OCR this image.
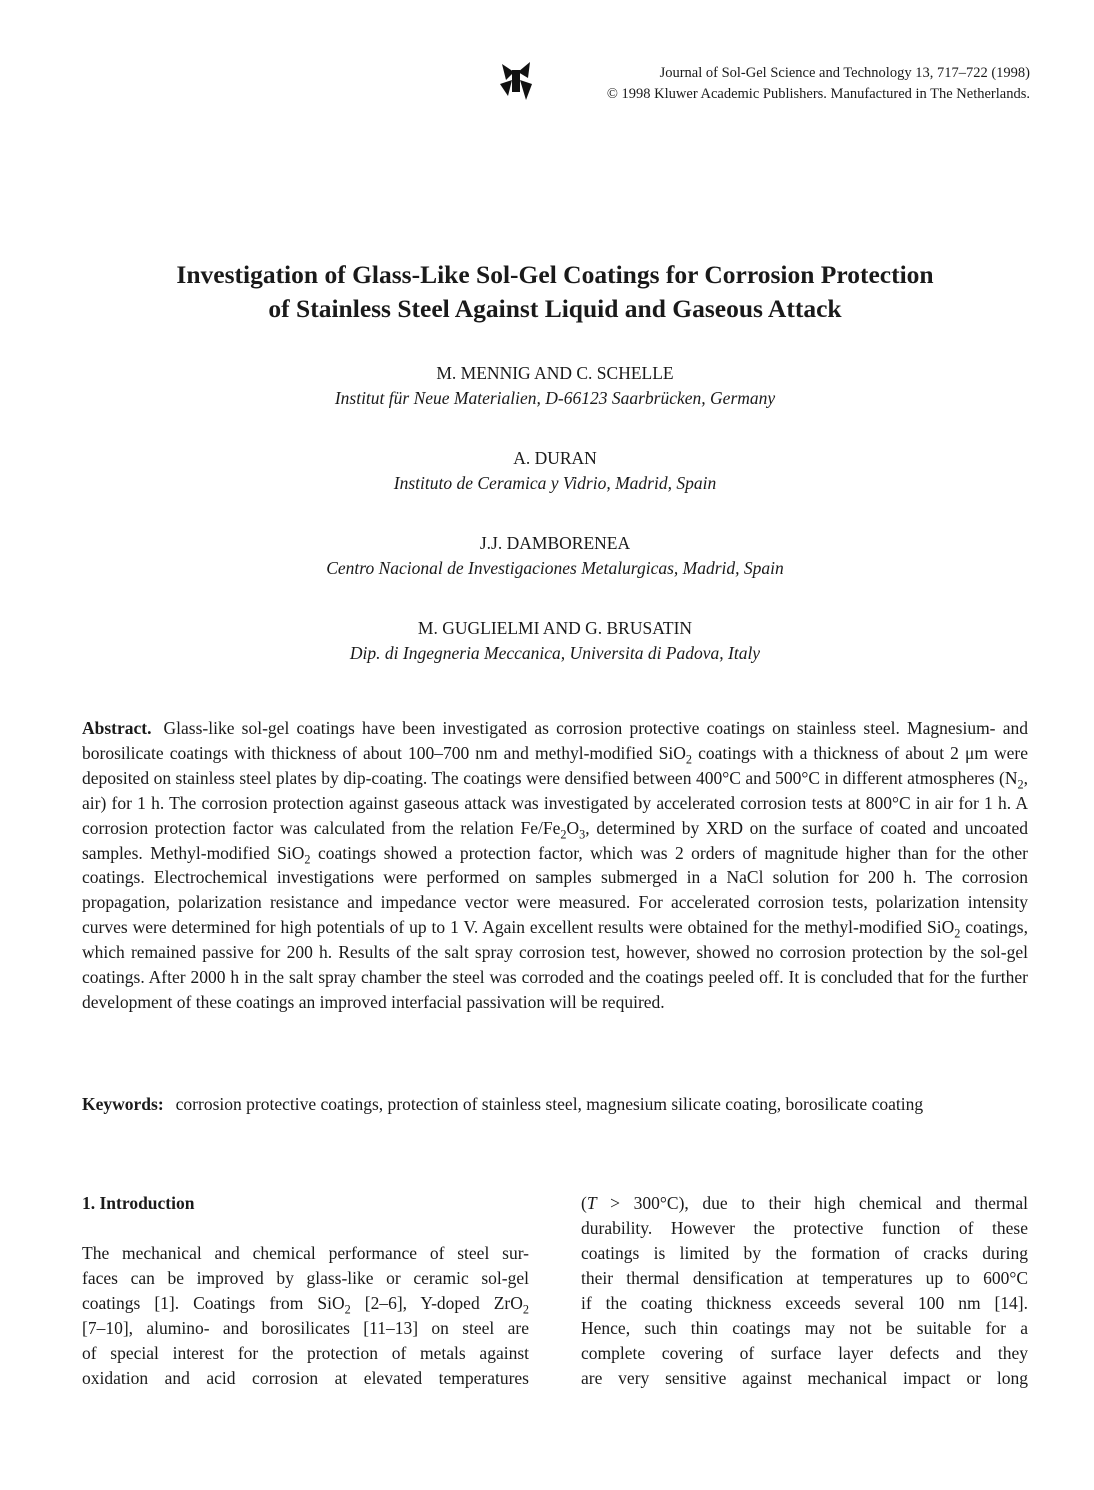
Journal of Sol-Gel Science and Technology 13, 717–722 (1998)
© 1998 Kluwer Academic Publishers. Manufactured in The Netherlands.
Investigation of Glass-Like Sol-Gel Coatings for Corrosion Protection
of Stainless Steel Against Liquid and Gaseous Attack
M. MENNIG AND C. SCHELLE
Institut für Neue Materialien, D-66123 Saarbrücken, Germany
A. DURAN
Instituto de Ceramica y Vidrio, Madrid, Spain
J.J. DAMBORENEA
Centro Nacional de Investigaciones Metalurgicas, Madrid, Spain
M. GUGLIELMI AND G. BRUSATIN
Dip. di Ingegneria Meccanica, Universita di Padova, Italy
Abstract. Glass-like sol-gel coatings have been investigated as corrosion protective coatings on stainless steel. Magnesium- and borosilicate coatings with thickness of about 100–700 nm and methyl-modified SiO$_2$ coatings with a thickness of about 2 μm were deposited on stainless steel plates by dip-coating. The coatings were densified between 400°C and 500°C in different atmospheres ($N_2$, air) for 1 h. The corrosion protection against gaseous attack was investigated by accelerated corrosion tests at 800°C in air for 1 h. A corrosion protection factor was calculated from the relation $Fe/Fe_2O_3$, determined by XRD on the surface of coated and uncoated samples. Methyl-modified SiO$_2$ coatings showed a protection factor, which was 2 orders of magnitude higher than for the other coatings. Electrochemical investigations were performed on samples submerged in a NaCl solution for 200 h. The corrosion propagation, polarization resistance and impedance vector were measured. For accelerated corrosion tests, polarization intensity curves were determined for high potentials of up to 1 V. Again excellent results were obtained for the methyl-modified SiO$_2$ coatings, which remained passive for 200 h. Results of the salt spray corrosion test, however, showed no corrosion protection by the sol-gel coatings. After 2000 h in the salt spray chamber the steel was corroded and the coatings peeled off. It is concluded that for the further development of these coatings an improved interfacial passivation will be required.
Keywords: corrosion protective coatings, protection of stainless steel, magnesium silicate coating, borosilicate coating
1. Introduction
The mechanical and chemical performance of steel sur-
faces can be improved by glass-like or ceramic sol-gel
coatings [1]. Coatings from SiO$_2$ [2–6], Y-doped ZrO$_2$
[7–10], alumino- and borosilicates [11–13] on steel are
of special interest for the protection of metals against
oxidation and acid corrosion at elevated temperatures
(T > 300°C), due to their high chemical and thermal
durability. However the protective function of these
coatings is limited by the formation of cracks during
their thermal densification at temperatures up to 600°C
if the coating thickness exceeds several 100 nm [14].
Hence, such thin coatings may not be suitable for a
complete covering of surface layer defects and they
are very sensitive against mechanical impact or long
